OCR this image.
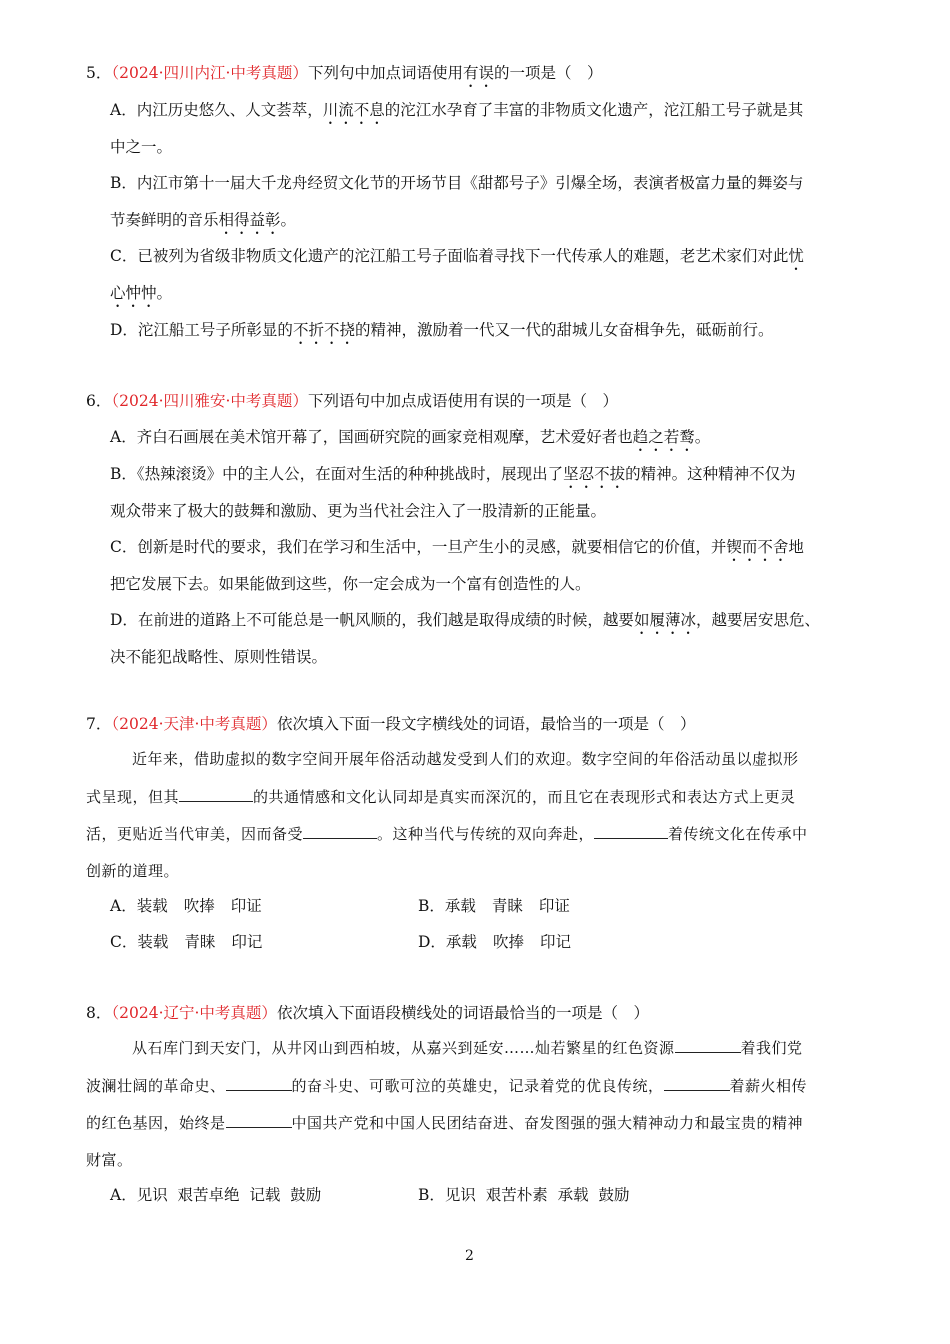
5．（2024·四川内江·中考真题）下列句中加点词语使用有误的一项是（　）
A．内江历史悠久、人文荟萃，川流不息的沱江水孕育了丰富的非物质文化遗产，沱江船工号子就是其
中之一。
B．内江市第十一届大千龙舟经贸文化节的开场节目《甜都号子》引爆全场，表演者极富力量的舞姿与
节奏鲜明的音乐相得益彰。
C．已被列为省级非物质文化遗产的沱江船工号子面临着寻找下一代传承人的难题，老艺术家们对此忧
心忡忡。
D．沱江船工号子所彰显的不折不挠的精神，激励着一代又一代的甜城儿女奋楫争先，砥砺前行。
6．（2024·四川雅安·中考真题）下列语句中加点成语使用有误的一项是（　）
A．齐白石画展在美术馆开幕了，国画研究院的画家竞相观摩，艺术爱好者也趋之若鹜。
B．《热辣滚烫》中的主人公，在面对生活的种种挑战时，展现出了坚忍不拔的精神。这种精神不仅为
观众带来了极大的鼓舞和激励、更为当代社会注入了一股清新的正能量。
C．创新是时代的要求，我们在学习和生活中，一旦产生小的灵感，就要相信它的价值，并锲而不舍地
把它发展下去。如果能做到这些，你一定会成为一个富有创造性的人。
D．在前进的道路上不可能总是一帆风顺的，我们越是取得成绩的时候，越要如履薄冰，越要居安思危、
决不能犯战略性、原则性错误。
7．（2024·天津·中考真题）依次填入下面一段文字横线处的词语，最恰当的一项是（　）
近年来，借助虚拟的数字空间开展年俗活动越发受到人们的欢迎。数字空间的年俗活动虽以虚拟形
式呈现，但其	的共通情感和文化认同却是真实而深沉的，而且它在表现形式和表达方式上更灵
活，更贴近当代审美，因而备受	。这种当代与传统的双向奔赴，	着传统文化在传承中
创新的道理。
A．装载 吹捧 印证	B．承载 青睐 印证
C．装载 青睐 印记	D．承载 吹捧 印记
8．（2024·辽宁·中考真题）依次填入下面语段横线处的词语最恰当的一项是（　）
从石库门到天安门，从井冈山到西柏坡，从嘉兴到延安……灿若繁星的红色资源	着我们党
波澜壮阔的革命史、	的奋斗史、可歌可泣的英雄史，记录着党的优良传统，	着薪火相传
的红色基因，始终是	中国共产党和中国人民团结奋进、奋发图强的强大精神动力和最宝贵的精神
财富。
A．见识  艰苦卓绝  记载  鼓励	B．见识  艰苦朴素  承载  鼓励
2
